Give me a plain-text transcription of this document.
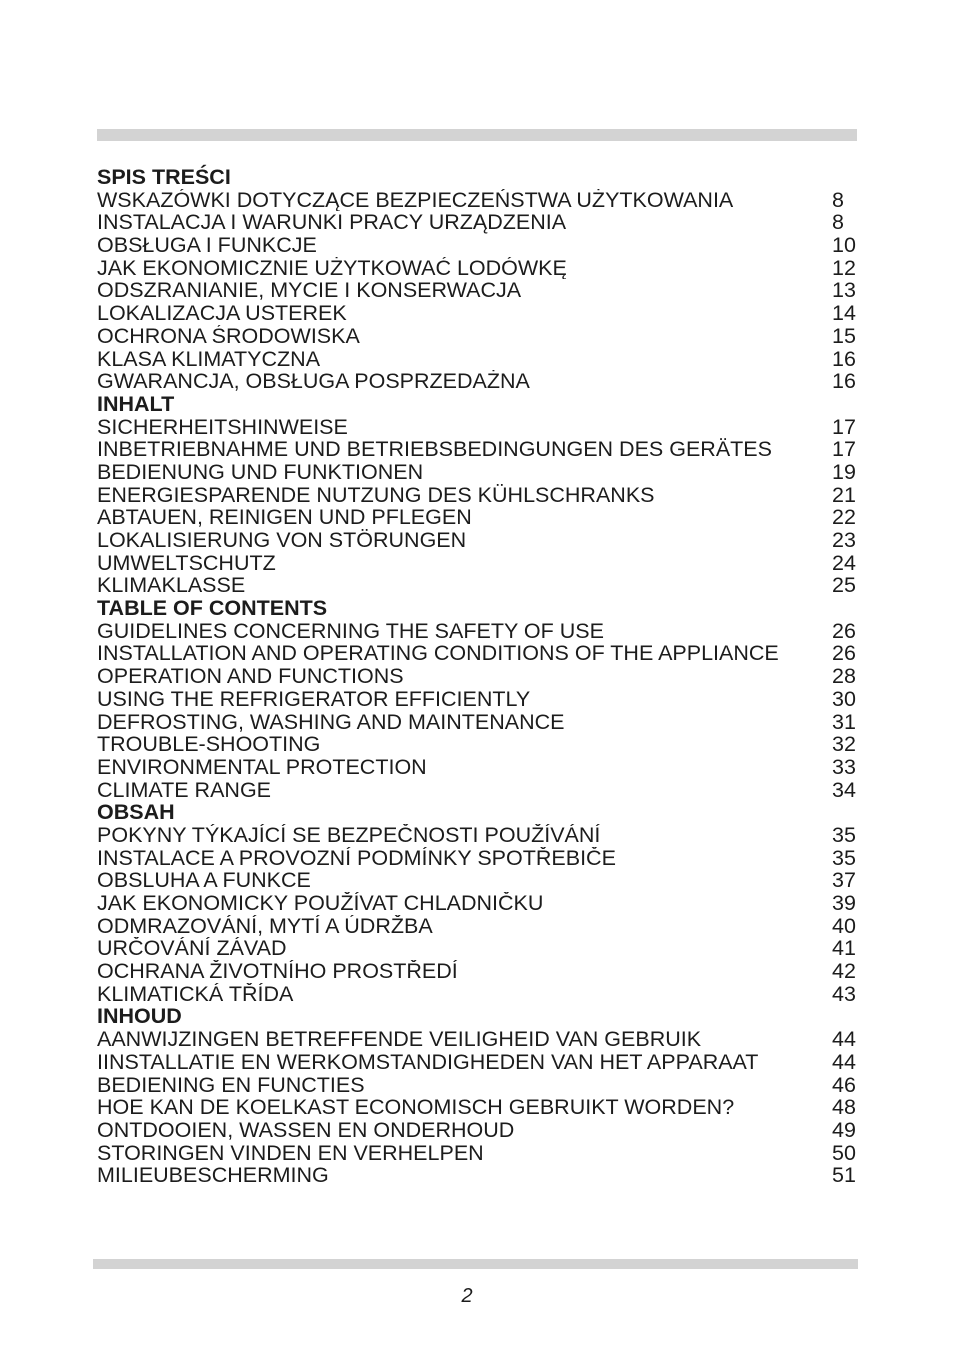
SPIS TREŚCI
WSKAZÓWKI DOTYCZĄCE BEZPIECZEŃSTWA UŻYTKOWANIA	8
INSTALACJA I WARUNKI PRACY URZĄDZENIA	8
OBSŁUGA I FUNKCJE	10
JAK EKONOMICZNIE UŻYTKOWAĆ LODÓWKĘ	12
ODSZRANIANIE, MYCIE I KONSERWACJA	13
LOKALIZACJA USTEREK	14
OCHRONA ŚRODOWISKA	15
KLASA KLIMATYCZNA	16
GWARANCJA, OBSŁUGA POSPRZEDAŻNA	16
INHALT
SICHERHEITSHINWEISE	17
INBETRIEBNAHME UND BETRIEBSBEDINGUNGEN DES GERÄTES	17
BEDIENUNG UND FUNKTIONEN	19
ENERGIESPARENDE NUTZUNG DES KÜHLSCHRANKS	21
ABTAUEN, REINIGEN UND PFLEGEN	22
LOKALISIERUNG VON STÖRUNGEN	23
UMWELTSCHUTZ	24
KLIMAKLASSE	25
TABLE OF CONTENTS
GUIDELINES CONCERNING THE SAFETY OF USE	26
INSTALLATION AND OPERATING CONDITIONS OF THE APPLIANCE	26
OPERATION AND FUNCTIONS	28
USING THE REFRIGERATOR EFFICIENTLY	30
DEFROSTING, WASHING AND MAINTENANCE	31
TROUBLE-SHOOTING	32
ENVIRONMENTAL PROTECTION	33
CLIMATE RANGE	34
OBSAH
POKYNY TÝKAJÍCÍ SE BEZPEČNOSTI POUŽÍVÁNÍ	35
INSTALACE A PROVOZNÍ PODMÍNKY SPOTŘEBIČE	35
OBSLUHA A FUNKCE	37
JAK EKONOMICKY POUŽÍVAT CHLADNIČKU	39
ODMRAZOVÁNÍ, MYTÍ A ÚDRŽBA	40
URČOVÁNÍ ZÁVAD	41
OCHRANA ŽIVOTNÍHO PROSTŘEDÍ	42
KLIMATICKÁ TŘÍDA	43
INHOUD
AANWIJZINGEN BETREFFENDE VEILIGHEID VAN GEBRUIK	44
IINSTALLATIE EN WERKOMSTANDIGHEDEN VAN HET APPARAAT	44
BEDIENING EN FUNCTIES	46
HOE KAN DE KOELKAST ECONOMISCH GEBRUIKT WORDEN?	48
ONTDOOIEN, WASSEN EN ONDERHOUD	49
STORINGEN VINDEN EN VERHELPEN	50
MILIEUBESCHERMING	51
2
